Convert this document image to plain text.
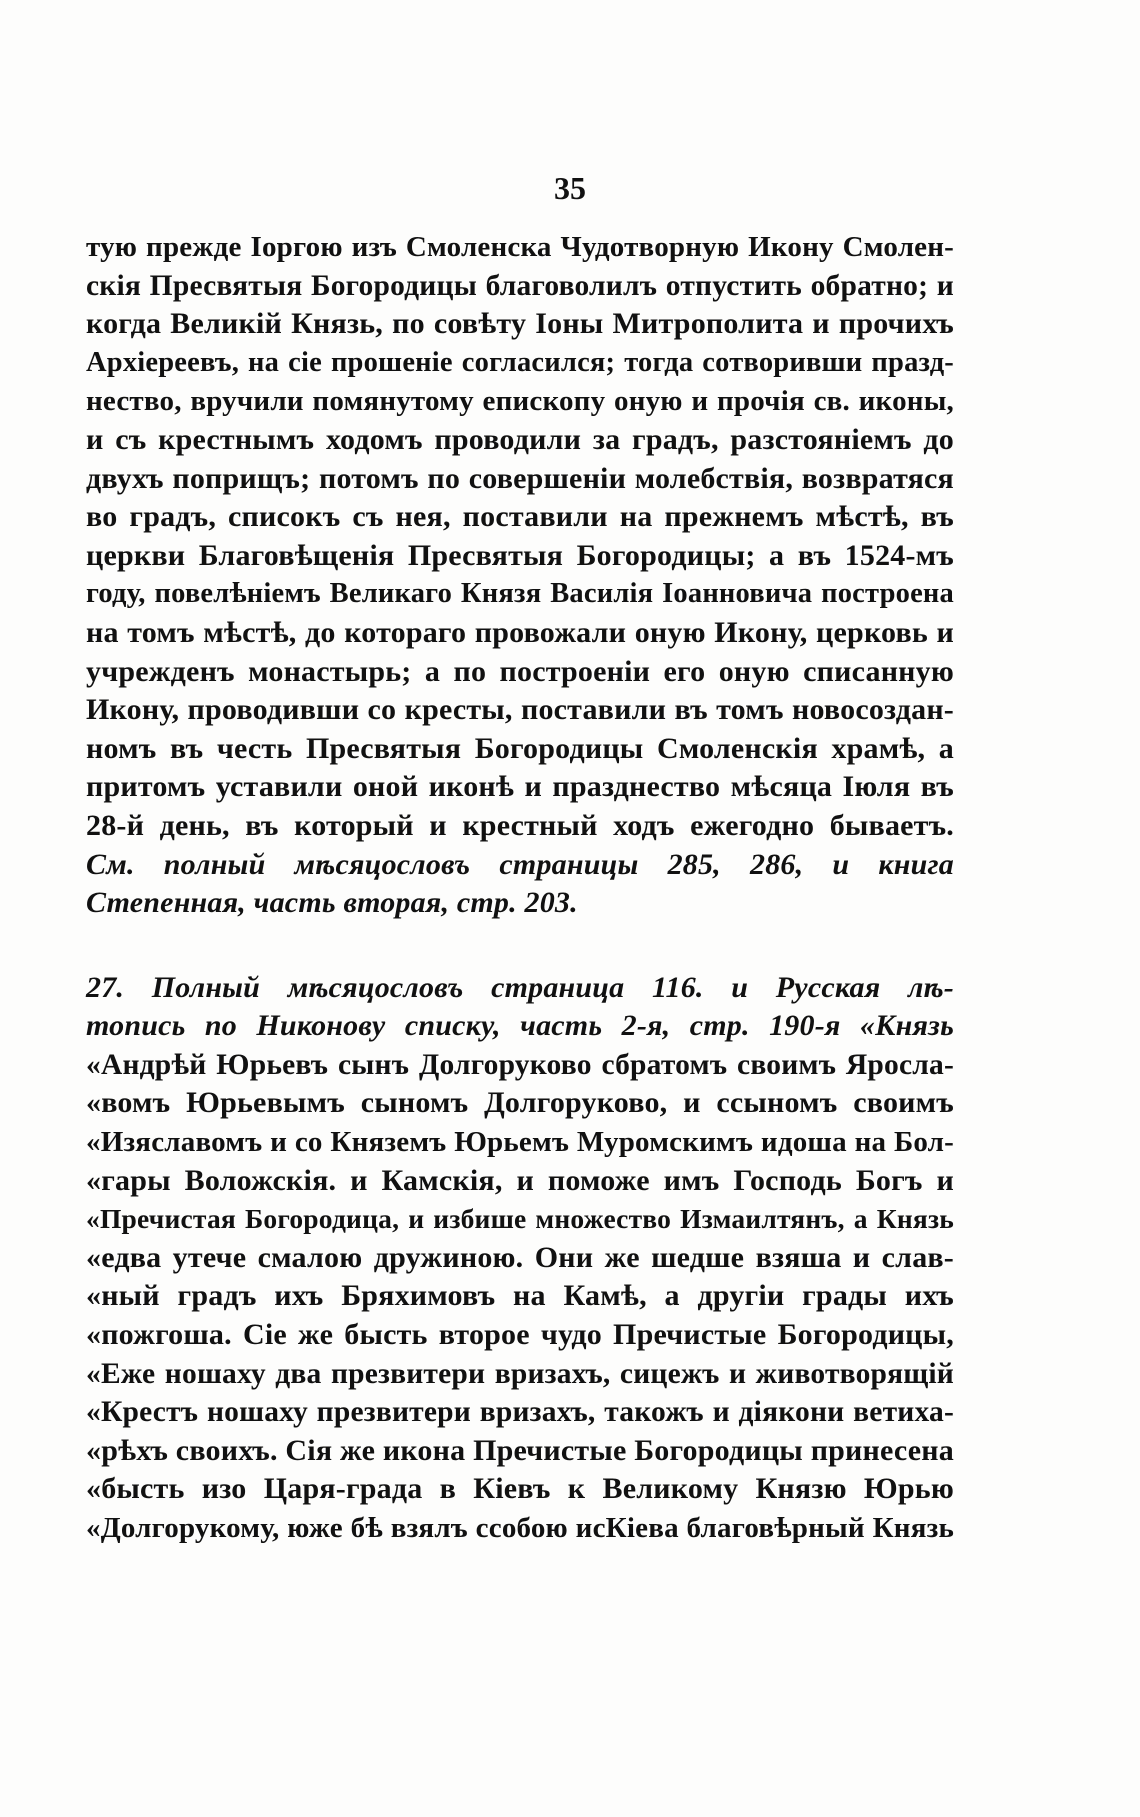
35
тую прежде Іоргою изъ Смоленска Чудотворную Икону Смолен-
скія Пресвятыя Богородицы благоволилъ отпустить обратно; и
когда Великій Князь, по совѣту Іоны Митрополита и прочихъ
Архіереевъ, на сіе прошеніе согласился; тогда сотворивши празд-
нество, вручили помянутому епископу оную и прочія св. иконы,
и съ крестнымъ ходомъ проводили за градъ, разстояніемъ до
двухъ поприщъ; потомъ по совершеніи молебствія, возвратяся
во градъ, списокъ съ нея, поставили на прежнемъ мѣстѣ, въ
церкви Благовѣщенія Пресвятыя Богородицы; а въ 1524-мъ
году, повелѣніемъ Великаго Князя Василія Іоанновича построена
на томъ мѣстѣ, до котораго провожали оную Икону, церковь и
учрежденъ монастырь; а по построеніи его оную списанную
Икону, проводивши со кресты, поставили въ томъ новосоздан-
номъ въ честь Пресвятыя Богородицы Смоленскія храмѣ, а
притомъ уставили оной иконѣ и празднество мѣсяца Іюля въ
28-й день, въ который и крестный ходъ ежегодно бываетъ.
См. полный мѣсяцословъ страницы 285, 286, и книга
Степенная, часть вторая, стр. 203.
27. Полный мѣсяцословъ страница 116. и Русская лѣ-
топись по Никонову списку, часть 2-я, стр. 190-я «Князь
«Андрѣй Юрьевъ сынъ Долгоруково сбратомъ своимъ Яросла-
«вомъ Юрьевымъ сыномъ Долгоруково, и ссыномъ своимъ
«Изяславомъ и со Княземъ Юрьемъ Муромскимъ идоша на Бол-
«гары Воложскія. и Камскія, и поможе имъ Господь Богъ и
«Пречистая Богородица, и избише множество Измаилтянъ, а Князь
«едва утече смалою дружиною. Они же шедше взяша и слав-
«ный градъ ихъ Бряхимовъ на Камѣ, а другіи грады ихъ
«пожгоша. Сіе же бысть второе чудо Пречистые Богородицы,
«Еже ношаху два презвитери вризахъ, сицежъ и животворящій
«Крестъ ношаху презвитери вризахъ, такожъ и діякони ветиха-
«рѣхъ своихъ. Сія же икона Пречистые Богородицы принесена
«бысть изо Царя-града в Кіевъ к Великому Князю Юрью
«Долгорукому, юже бѣ взялъ ссобою исКіева благовѣрный Князь
